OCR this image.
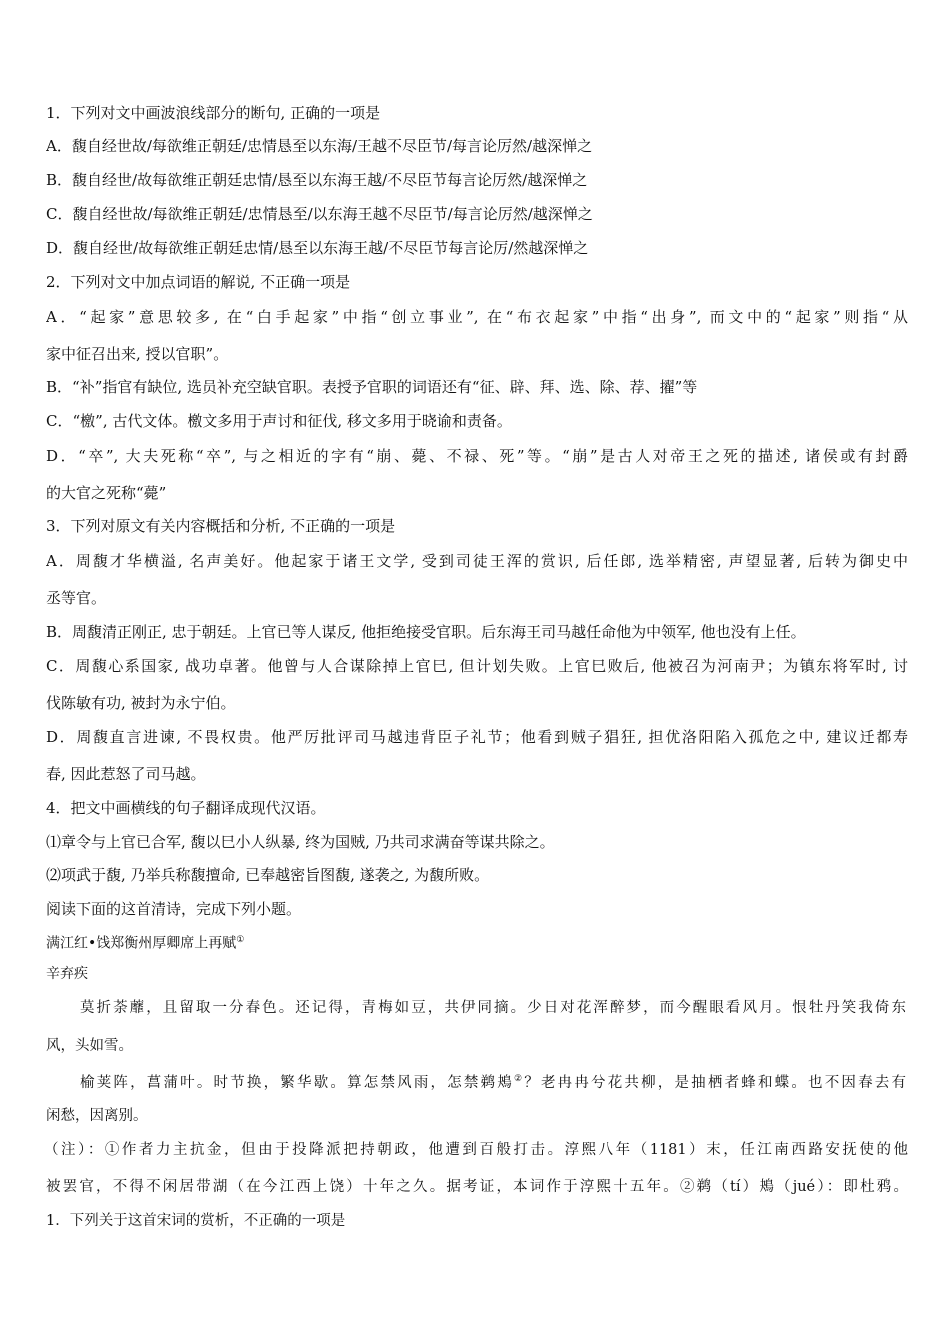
1．下列对文中画波浪线部分的断句, 正确的一项是
A．馥自经世故/每欲维正朝廷/忠情恳至以东海/王越不尽臣节/每言论厉然/越深惮之
B．馥自经世/故每欲维正朝廷忠情/恳至以东海王越/不尽臣节每言论厉然/越深惮之
C．馥自经世故/每欲维正朝廷/忠情恳至/以东海王越不尽臣节/每言论厉然/越深惮之
D．馥自经世/故每欲维正朝廷忠情/恳至以东海王越/不尽臣节每言论厉/然越深惮之
2．下列对文中加点词语的解说, 不正确一项是
A．“起家”意思较多, 在“白手起家”中指“创立事业”, 在“布衣起家”中指“出身”, 而文中的“起家”则指“从
家中征召出来, 授以官职”。
B．“补”指官有缺位, 选员补充空缺官职。表授予官职的词语还有“征、辟、拜、选、除、荐、擢”等
C．“檄”, 古代文体。檄文多用于声讨和征伐, 移文多用于晓谕和责备。
D．“卒”, 大夫死称“卒”, 与之相近的字有“崩、薨、不禄、死”等。“崩”是古人对帝王之死的描述, 诸侯或有封爵
的大官之死称“薨”
3．下列对原文有关内容概括和分析, 不正确的一项是
A．周馥才华横溢, 名声美好。他起家于诸王文学, 受到司徒王浑的赏识, 后任郎, 选举精密, 声望显著, 后转为御史中
丞等官。
B．周馥清正刚正, 忠于朝廷。上官已等人谋反, 他拒绝接受官职。后东海王司马越任命他为中领军, 他也没有上任。
C．周馥心系国家, 战功卓著。他曾与人合谋除掉上官巳, 但计划失败。上官巳败后, 他被召为河南尹；为镇东将军时, 讨
伐陈敏有功, 被封为永宁伯。
D．周馥直言进谏, 不畏权贵。他严厉批评司马越违背臣子礼节；他看到贼子猖狂, 担优洛阳陷入孤危之中, 建议迁都寿
春, 因此惹怒了司马越。
4．把文中画横线的句子翻译成现代汉语。
⑴章令与上官已合军, 馥以巳小人纵暴, 终为国贼, 乃共司求满奋等谋共除之。
⑵项武于馥, 乃举兵称馥擅命, 已奉越密旨图馥, 遂袭之, 为馥所败。
阅读下面的这首清诗，完成下列小题。
满江红•饯郑衡州厚卿席上再赋①
辛弃疾
莫折荼蘼，且留取一分春色。还记得，青梅如豆，共伊同摘。少日对花浑醉梦，而今醒眼看风月。恨牡丹笑我倚东
风，头如雪。
榆荚阵，菖蒲叶。时节换，繁华歇。算怎禁风雨，怎禁鹈鴂②？老冉冉兮花共柳，是抽栖者蜂和蝶。也不因春去有
闲愁，因离别。
（注）：①作者力主抗金，但由于投降派把持朝政，他遭到百般打击。淳熙八年（1181）末，任江南西路安抚使的他
被罢官，不得不闲居带湖（在今江西上饶）十年之久。据考证，本词作于淳熙十五年。②鹈（tí）鴂（jué）：即杜鸦。
1．下列关于这首宋词的赏析，不正确的一项是
